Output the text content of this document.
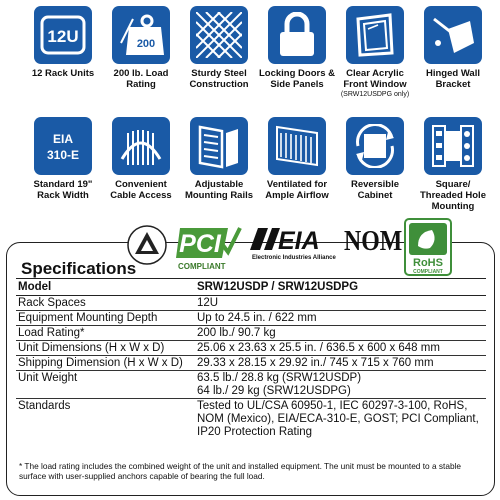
12U
12 Rack Units
200
200 lb. Load Rating
Sturdy Steel Construction
Locking Doors & Side Panels
Clear Acrylic Front Window
(SRW12USDPG only)
Hinged Wall Bracket
EIA
310-E
Standard 19" Rack Width
Convenient Cable Access
Adjustable Mounting Rails
Ventilated for Ample Airflow
Reversible Cabinet
Square/ Threaded Hole Mounting
Specifications
Model	SRW12USDP / SRW12USDPG
Rack Spaces	12U
Equipment Mounting Depth	Up to 24.5 in. / 622 mm
Load Rating*	200 lb./ 90.7 kg
Unit Dimensions (H x W x D)	25.06 x 23.63 x 25.5 in. / 636.5 x 600 x 648 mm
Shipping Dimension (H x W x D)	29.33 x 28.15 x 29.92 in./ 745 x 715 x 760 mm
Unit Weight	63.5 lb./ 28.8 kg (SRW12USDP)
64 lb./ 29 kg (SRW12USDPG)
Standards	Tested to UL/CSA 60950-1, IEC 60297-3-100, RoHS, NOM (Mexico), EIA/ECA-310-E, GOST; PCI Compliant, IP20 Protection Rating
* The load rating includes the combined weight of the unit and installed equipment. The unit must be mounted to a stable surface with user-supplied anchors capable of bearing the full load.
PCI
COMPLIANT
EIA
Electronic Industries Alliance
NOM
RoHS
COMPLIANT
